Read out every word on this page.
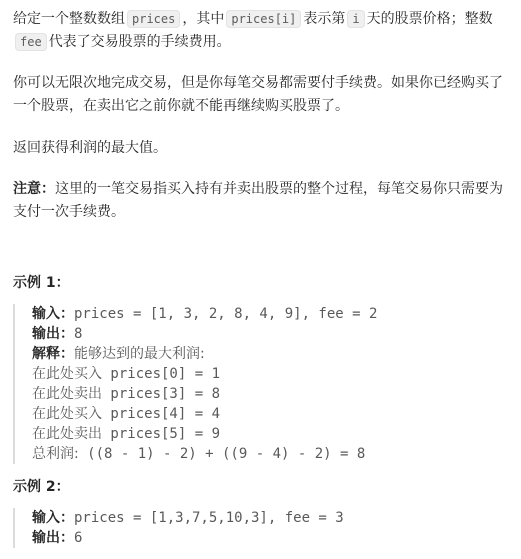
给定一个整数数组 prices ，其中 prices[i] 表示第 i 天的股票价格；整数fee 代表了交易股票的手续费用。

你可以无限次地完成交易，但是你每笔交易都需要付手续费。如果你已经购买了一个股票，在卖出它之前你就不能再继续购买股票了。

返回获得利润的最大值。

注意：这里的一笔交易指买入持有并卖出股票的整个过程，每笔交易你只需要为支付一次手续费。

示例 1：

输入：prices = [1, 3, 2, 8, 4, 9], fee = 2
输出：8
解释：能够达到的最大利润:
在此处买入 prices[0] = 1
在此处卖出 prices[3] = 8
在此处买入 prices[4] = 4
在此处卖出 prices[5] = 9
总利润: ((8 - 1) - 2) + ((9 - 4) - 2) = 8

示例 2：

输入：prices = [1,3,7,5,10,3], fee = 3
输出：6
